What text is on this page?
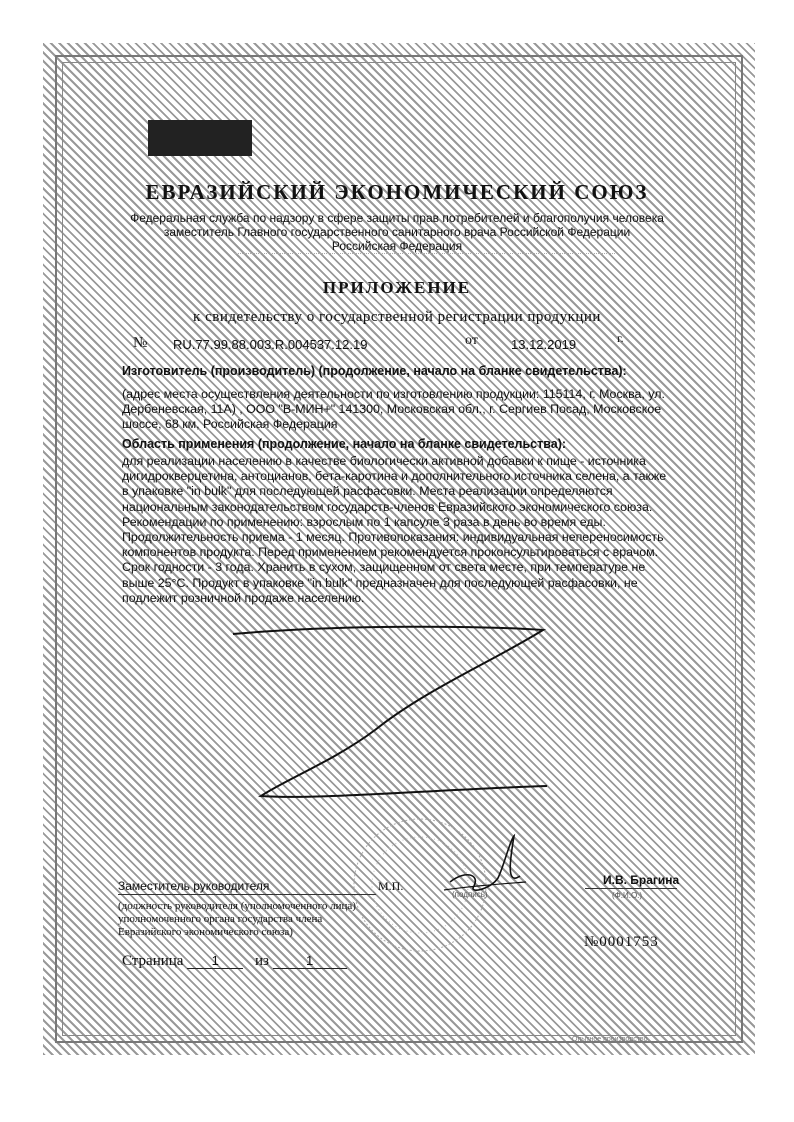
ЕВРАЗИЙСКИЙ ЭКОНОМИЧЕСКИЙ СОЮЗ
Федеральная служба по надзору в сфере защиты прав потребителей и благополучия человека
заместитель Главного государственного санитарного врача Российской Федерации
Российская Федерация
ПРИЛОЖЕНИЕ
к свидетельству о государственной регистрации продукции
№ RU.77.99.88.003.R.004537.12.19	от	13.12.2019	г.
Изготовитель (производитель) (продолжение, начало на бланке свидетельства):
(адрес места осуществления деятельности по изготовлению продукции: 115114, г. Москва, ул. Дербеневская, 11А) , ООО "В-МИН+" 141300, Московская обл., г. Сергиев Посад, Московское шоссе, 68 км, Российская Федерация
Область применения (продолжение, начало на бланке свидетельства):
для реализации населению в качестве биологически активной добавки к пище - источника дигидрокверцетина, антоцианов, бета-каротина и дополнительного источника селена, а также в упаковке "in bulk" для последующей расфасовки. Места реализации определяются национальным законодательством государств-членов Евразийского экономического союза. Рекомендации по применению: взрослым по 1 капсуле 3 раза в день во время еды. Продолжительность приема - 1 месяц. Противопоказания: индивидуальная непереносимость компонентов продукта. Перед применением рекомендуется проконсультироваться с врачом. Срок годности - 3 года. Хранить в сухом, защищенном от света месте, при температуре не выше 25°С. Продукт в упаковке "in bulk" предназначен для последующей расфасовки, не подлежит розничной продаже населению.
Заместитель руководителя	М.П.
(подпись)
И.В. Брагина
(Ф.И.О.)
(должность руководителя (уполномоченного лица) уполномоченного органа государства члена Евразийского экономического союза)
№0001753
Страница 1 из	1
Опытное производство
